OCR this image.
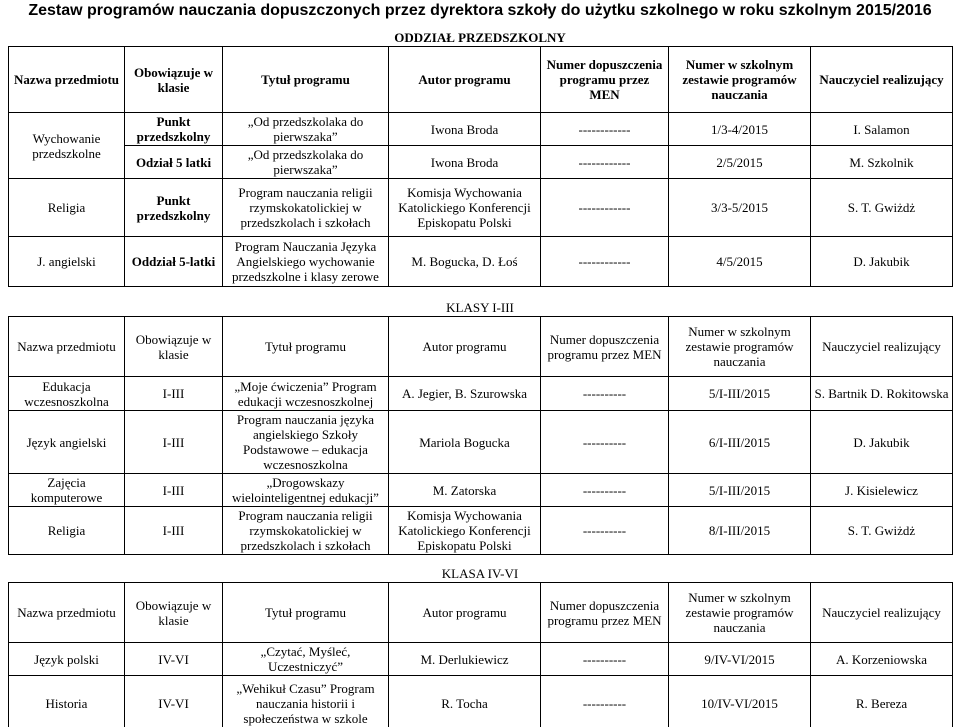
Zestaw programów nauczania dopuszczonych przez dyrektora szkoły do użytku szkolnego w roku szkolnym 2015/2016
ODDZIAŁ PRZEDSZKOLNY
Nazwa przedmiotu	Obowiązuje w klasie	Tytuł programu	Autor programu	Numer dopuszczenia programu przez MEN	Numer w szkolnym zestawie programów nauczania	Nauczyciel realizujący
Wychowanie przedszkolne	Punkt przedszkolny	„Od przedszkolaka do pierwszaka”	Iwona Broda	------------	1/3-4/2015	I. Salamon
	Odział 5 latki	„Od przedszkolaka do pierwszaka”	Iwona Broda	------------	2/5/2015	M. Szkolnik
Religia	Punkt przedszkolny	Program nauczania religii rzymskokatolickiej w przedszkolach i szkołach	Komisja Wychowania Katolickiego Konferencji Episkopatu Polski	------------	3/3-5/2015	S. T. Gwiżdż
J. angielski	Oddział 5-latki	Program Nauczania Języka Angielskiego wychowanie przedszkolne i klasy zerowe	M. Bogucka, D. Łoś	------------	4/5/2015	D. Jakubik
KLASY I-III
Nazwa przedmiotu	Obowiązuje w klasie	Tytuł programu	Autor programu	Numer dopuszczenia programu przez MEN	Numer w szkolnym zestawie programów nauczania	Nauczyciel realizujący
Edukacja wczesnoszkolna	I-III	„Moje ćwiczenia” Program edukacji wczesnoszkolnej	A. Jegier, B. Szurowska	----------	5/I-III/2015	S. Bartnik D. Rokitowska
Język angielski	I-III	Program nauczania języka angielskiego Szkoły Podstawowe – edukacja wczesnoszkolna	Mariola Bogucka	----------	6/I-III/2015	D. Jakubik
Zajęcia komputerowe	I-III	„Drogowskazy wielointeligentnej edukacji”	M. Zatorska	----------	5/I-III/2015	J. Kisielewicz
Religia	I-III	Program nauczania religii rzymskokatolickiej w przedszkolach i szkołach	Komisja Wychowania Katolickiego Konferencji Episkopatu Polski	----------	8/I-III/2015	S. T. Gwiżdż
KLASA IV-VI
Nazwa przedmiotu	Obowiązuje w klasie	Tytuł programu	Autor programu	Numer dopuszczenia programu przez MEN	Numer w szkolnym zestawie programów nauczania	Nauczyciel realizujący
Język polski	IV-VI	„Czytać, Myśleć, Uczestniczyć”	M. Derlukiewicz	----------	9/IV-VI/2015	A. Korzeniowska
Historia	IV-VI	„Wehikuł Czasu” Program nauczania historii i społeczeństwa w szkole	R. Tocha	----------	10/IV-VI/2015	R. Bereza
